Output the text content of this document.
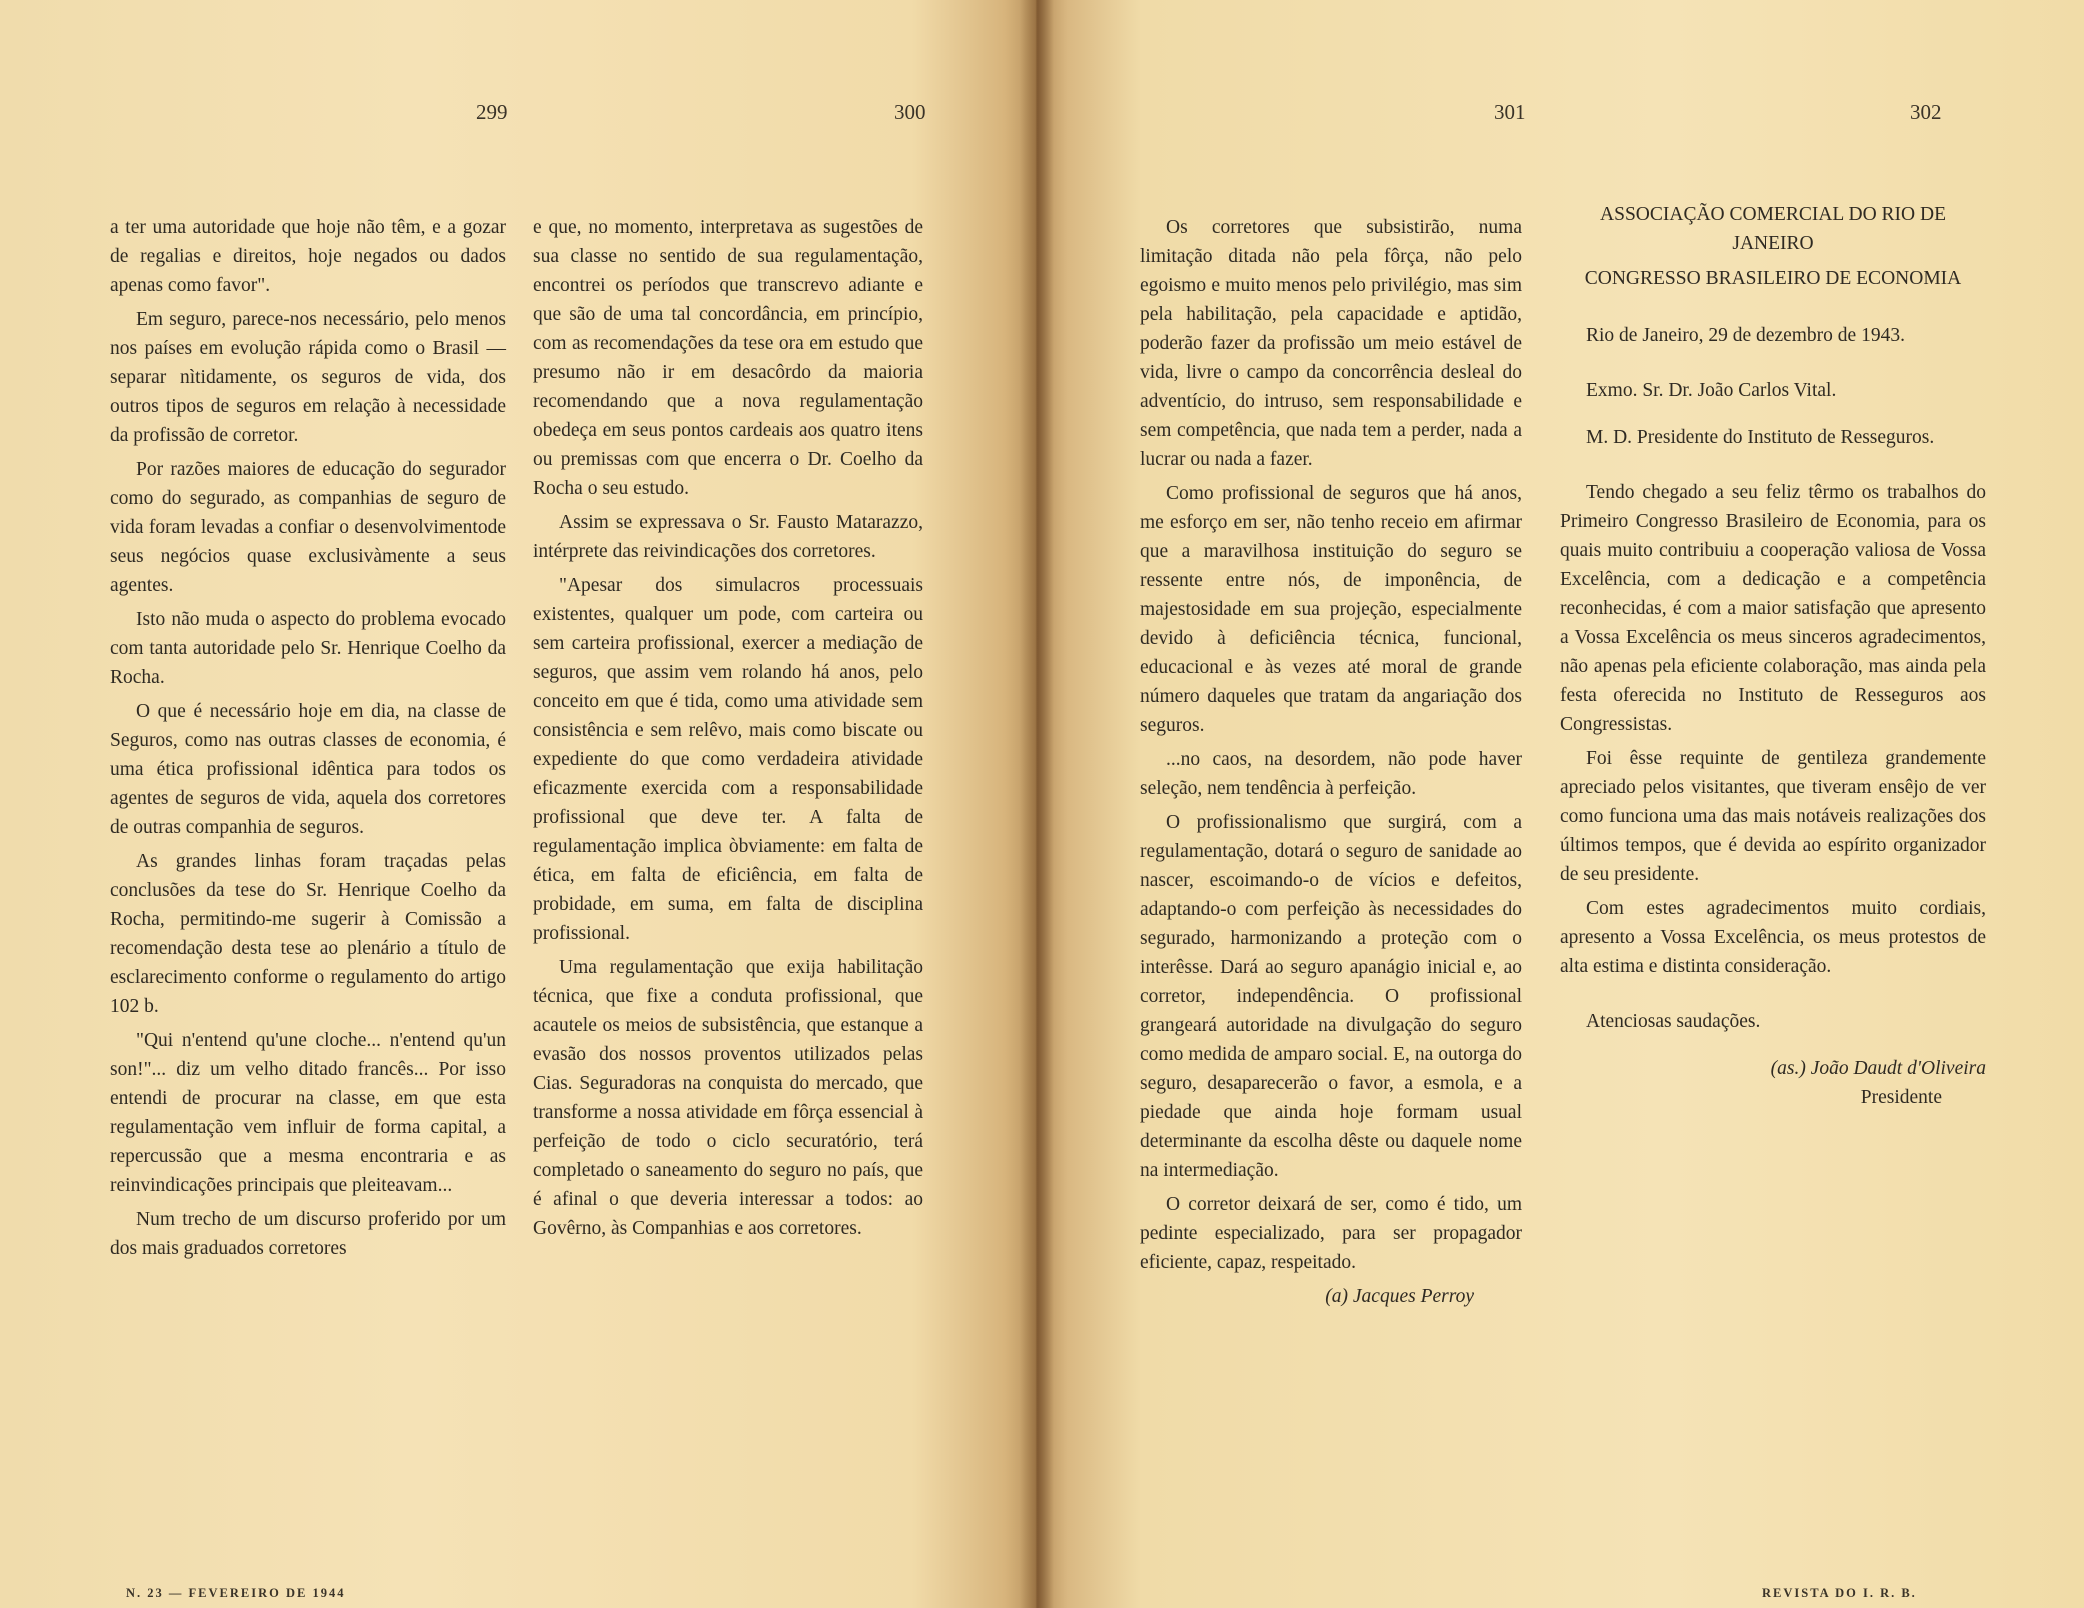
299	300

a ter uma autoridade que hoje não têm, e a gozar de regalias e direitos, hoje negados ou dados apenas como favor".

Em seguro, parece-nos necessário, pelo menos nos países em evolução rápida como o Brasil — separar nìtidamente, os seguros de vida, dos outros tipos de seguros em relação à necessidade da profissão de corretor.

Por razões maiores de educação do segurador como do segurado, as companhias de seguro de vida foram levadas a confiar o desenvolvimentode seus negócios quase exclusivàmente a seus agentes.

Isto não muda o aspecto do problema evocado com tanta autoridade pelo Sr. Henrique Coelho da Rocha.

O que é necessário hoje em dia, na classe de Seguros, como nas outras classes de economia, é uma ética profissional idêntica para todos os agentes de seguros de vida, aquela dos corretores de outras companhia de seguros.

As grandes linhas foram traçadas pelas conclusões da tese do Sr. Henrique Coelho da Rocha, permitindo-me sugerir à Comissão a recomendação desta tese ao plenário a título de esclarecimento conforme o regulamento do artigo 102 b.

"Qui n'entend qu'une cloche... n'entend qu'un son!"... diz um velho ditado francês... Por isso entendi de procurar na classe, em que esta regulamentação vem influir de forma capital, a repercussão que a mesma encontraria e as reinvindicações principais que pleiteavam...

Num trecho de um discurso proferido por um dos mais graduados corretores

e que, no momento, interpretava as sugestões de sua classe no sentido de sua regulamentação, encontrei os períodos que transcrevo adiante e que são de uma tal concordância, em princípio, com as recomendações da tese ora em estudo que presumo não ir em desacôrdo da maioria recomendando que a nova regulamentação obedeça em seus pontos cardeais aos quatro itens ou premissas com que encerra o Dr. Coelho da Rocha o seu estudo.

Assim se expressava o Sr. Fausto Matarazzo, intérprete das reivindicações dos corretores.

"Apesar dos simulacros processuais existentes, qualquer um pode, com carteira ou sem carteira profissional, exercer a mediação de seguros, que assim vem rolando há anos, pelo conceito em que é tida, como uma atividade sem consistência e sem relêvo, mais como biscate ou expediente do que como verdadeira atividade eficazmente exercida com a responsabilidade profissional que deve ter. A falta de regulamentação implica òbviamente: em falta de ética, em falta de eficiência, em falta de probidade, em suma, em falta de disciplina profissional.

Uma regulamentação que exija habilitação técnica, que fixe a conduta profissional, que acautele os meios de subsistência, que estanque a evasão dos nossos proventos utilizados pelas Cias. Seguradoras na conquista do mercado, que transforme a nossa atividade em fôrça essencial à perfeição de todo o ciclo securatório, terá completado o saneamento do seguro no país, que é afinal o que deveria interessar a todos: ao Govêrno, às Companhias e aos corretores.

N. 23 — FEVEREIRO DE 1944
301	302

Os corretores que subsistirão, numa limitação ditada não pela fôrça, não pelo egoismo e muito menos pelo privilégio, mas sim pela habilitação, pela capacidade e aptidão, poderão fazer da profissão um meio estável de vida, livre o campo da concorrência desleal do adventício, do intruso, sem responsabilidade e sem competência, que nada tem a perder, nada a lucrar ou nada a fazer.

Como profissional de seguros que há anos, me esforço em ser, não tenho receio em afirmar que a maravilhosa instituição do seguro se ressente entre nós, de imponência, de majestosidade em sua projeção, especialmente devido à deficiência técnica, funcional, educacional e às vezes até moral de grande número daqueles que tratam da angariação dos seguros.

...no caos, na desordem, não pode haver seleção, nem tendência à perfeição.

O profissionalismo que surgirá, com a regulamentação, dotará o seguro de sanidade ao nascer, escoimando-o de vícios e defeitos, adaptando-o com perfeição às necessidades do segurado, harmonizando a proteção com o interêsse. Dará ao seguro apanágio inicial e, ao corretor, independência. O profissional grangeará autoridade na divulgação do seguro como medida de amparo social. E, na outorga do seguro, desaparecerão o favor, a esmola, e a piedade que ainda hoje formam usual determinante da escolha dêste ou daquele nome na intermediação.

O corretor deixará de ser, como é tido, um pedinte especializado, para ser propagador eficiente, capaz, respeitado.

(a) Jacques Perroy

ASSOCIAÇÃO COMERCIAL DO RIO DE JANEIRO

CONGRESSO BRASILEIRO DE ECONOMIA

Rio de Janeiro, 29 de dezembro de 1943.

Exmo. Sr. Dr. João Carlos Vital.

M. D. Presidente do Instituto de Resseguros.

Tendo chegado a seu feliz têrmo os trabalhos do Primeiro Congresso Brasileiro de Economia, para os quais muito contribuiu a cooperação valiosa de Vossa Excelência, com a dedicação e a competência reconhecidas, é com a maior satisfação que apresento a Vossa Excelência os meus sinceros agradecimentos, não apenas pela eficiente colaboração, mas ainda pela festa oferecida no Instituto de Resseguros aos Congressistas.

Foi êsse requinte de gentileza grandemente apreciado pelos visitantes, que tiveram ensêjo de ver como funciona uma das mais notáveis realizações dos últimos tempos, que é devida ao espírito organizador de seu presidente.

Com estes agradecimentos muito cordiais, apresento a Vossa Excelência, os meus protestos de alta estima e distinta consideração.

Atenciosas saudações.

(as.) João Daudt d'Oliveira

Presidente

REVISTA DO I. R. B.
